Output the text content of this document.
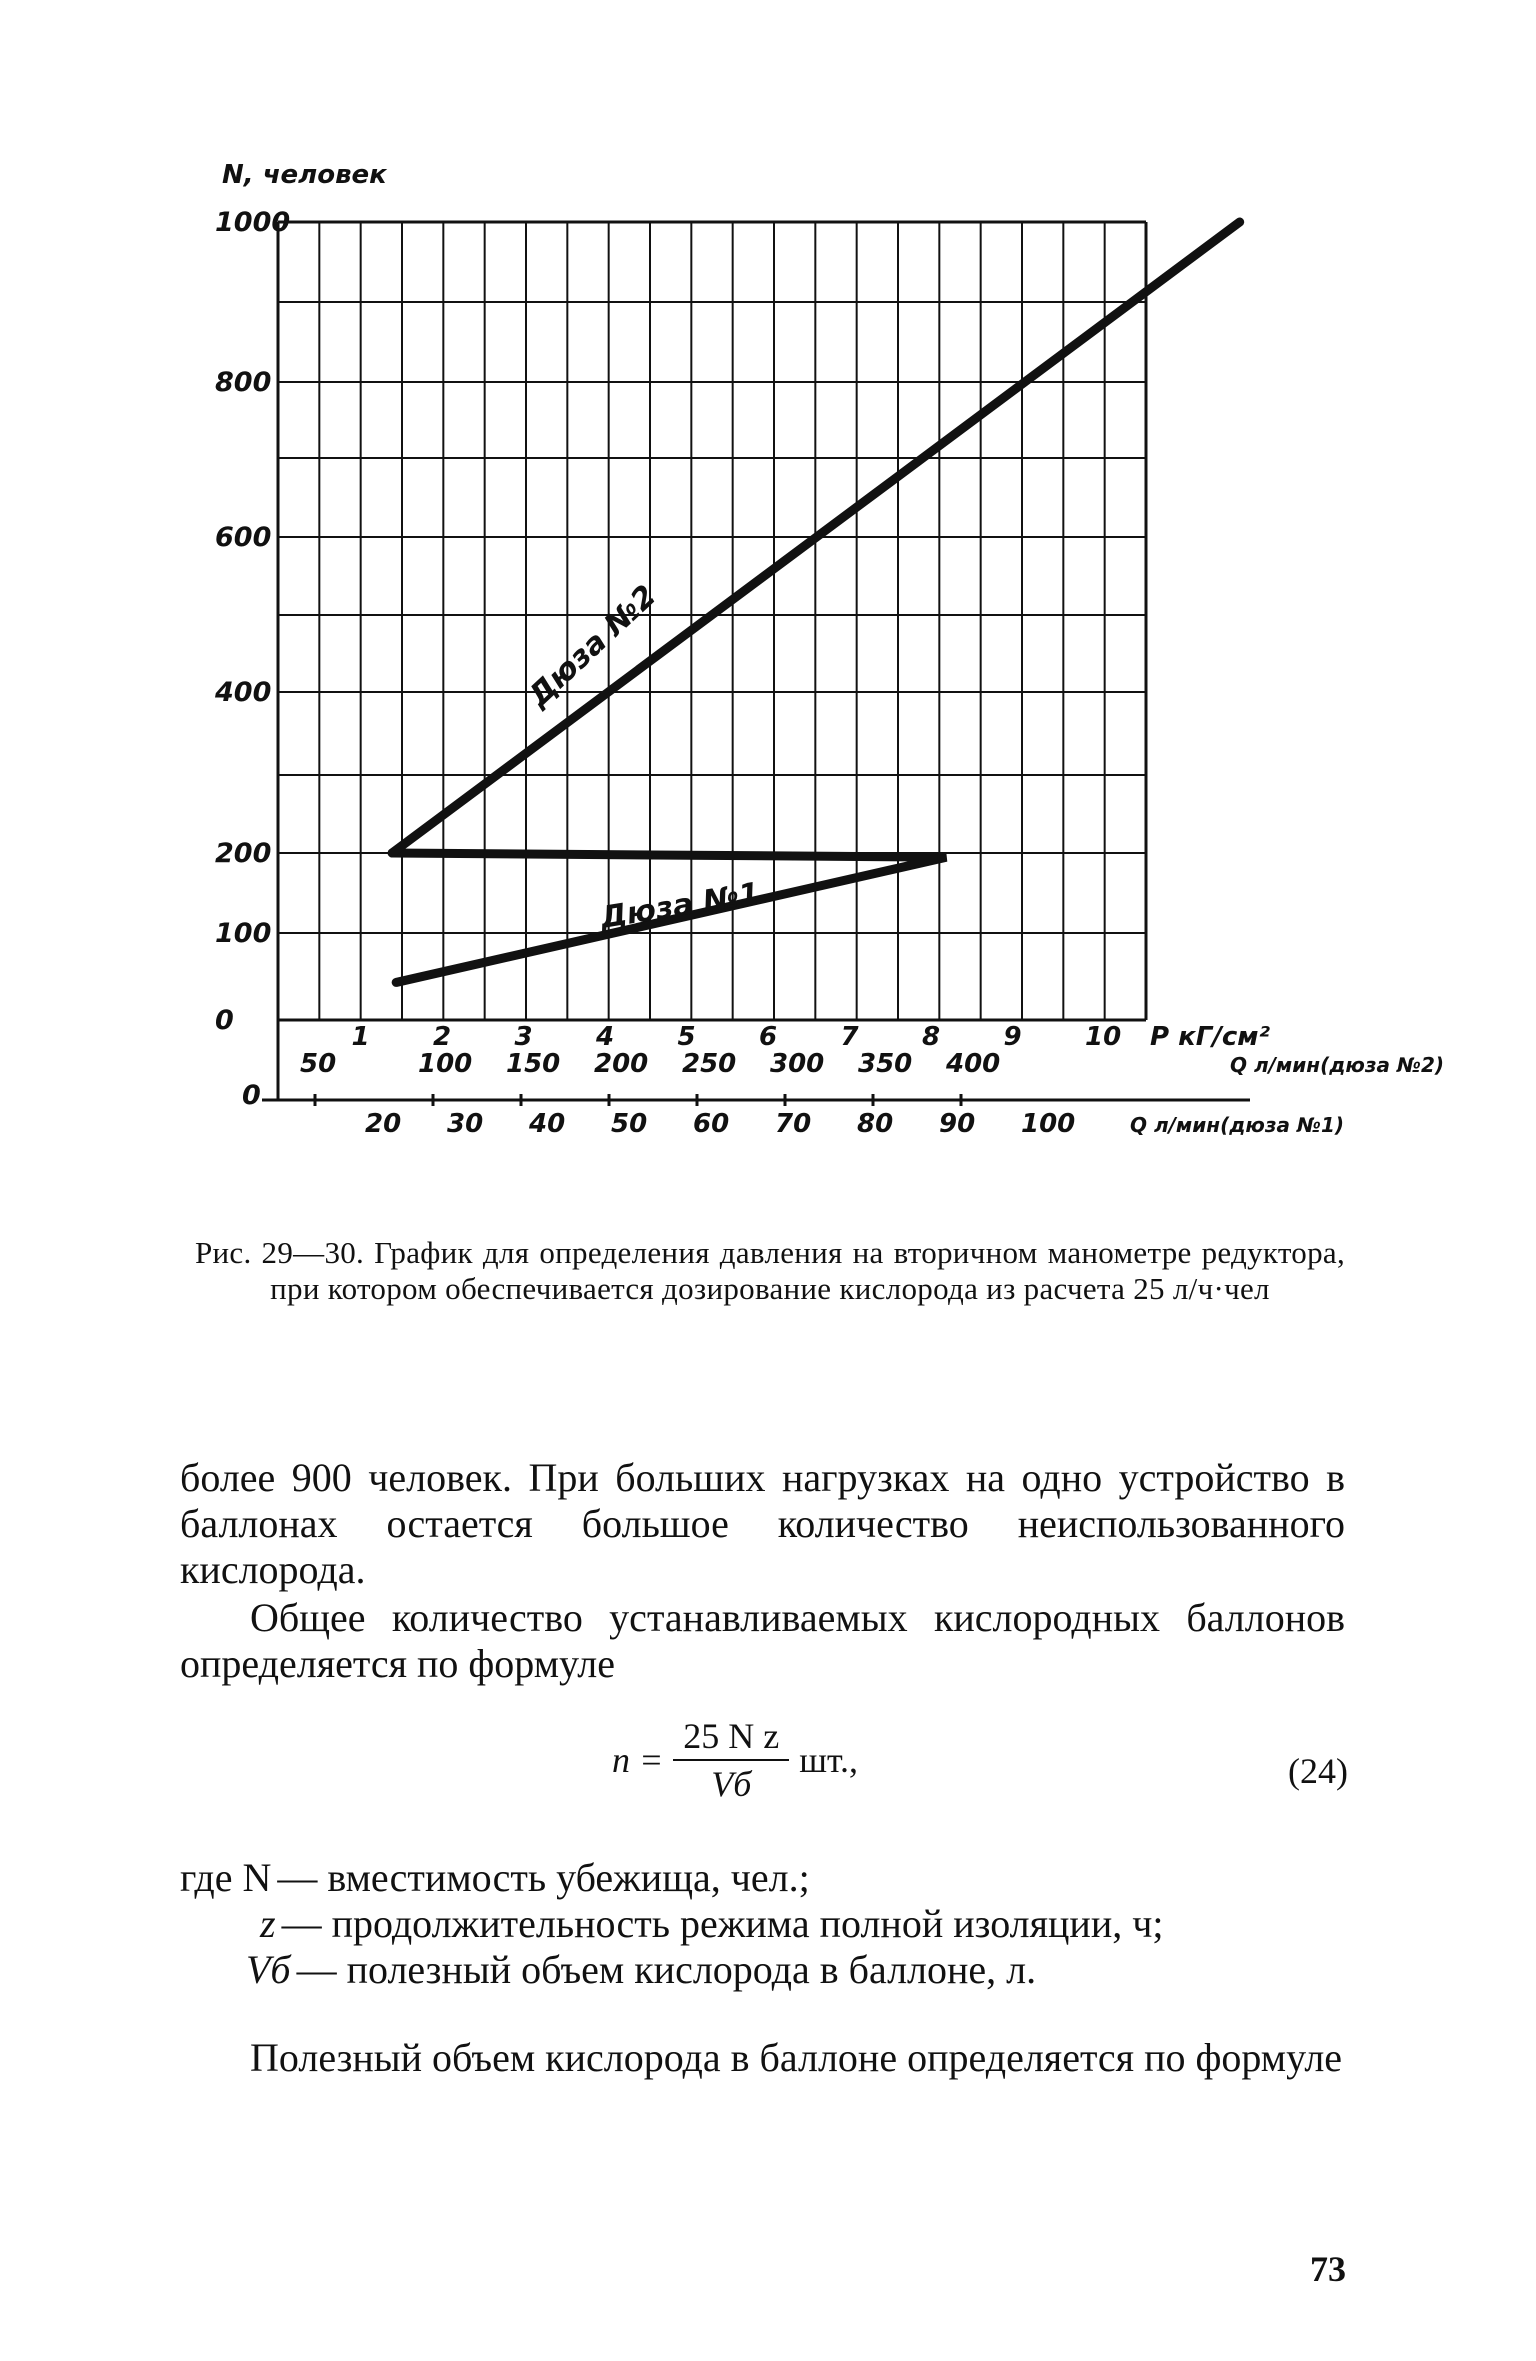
N, человек
1000
800
600
400
200
100
0
Дюза №2
Дюза №1
1 2 3 4 5 6 7 8 9 10 P кГ/см²
50	100 150 200 250 300 350 400	Q л/мин(дюза №2)
20 30 40 50 60 70 80 90 100	Q л/мин(дюза №1)
0
Рис. 29—30. График для определения давления на вторичном манометре редуктора, при котором обеспечивается дозирование кислорода из расчета 25 л/ч·чел

более 900 человек. При больших нагрузках на одно устройство в баллонах остается большое количество неиспользованного кислорода.

Общее количество устанавливаемых кислородных баллонов определяется по формуле

$n = \frac{\text{25 N z}}{Vб}$ шт.,	(24)
где N — вместимость убежища, чел.;
z — продолжительность режима полной изоляции, ч;
Vб — полезный объем кислорода в баллоне, л.

Полезный объем кислорода в баллоне определяется по формуле

73
